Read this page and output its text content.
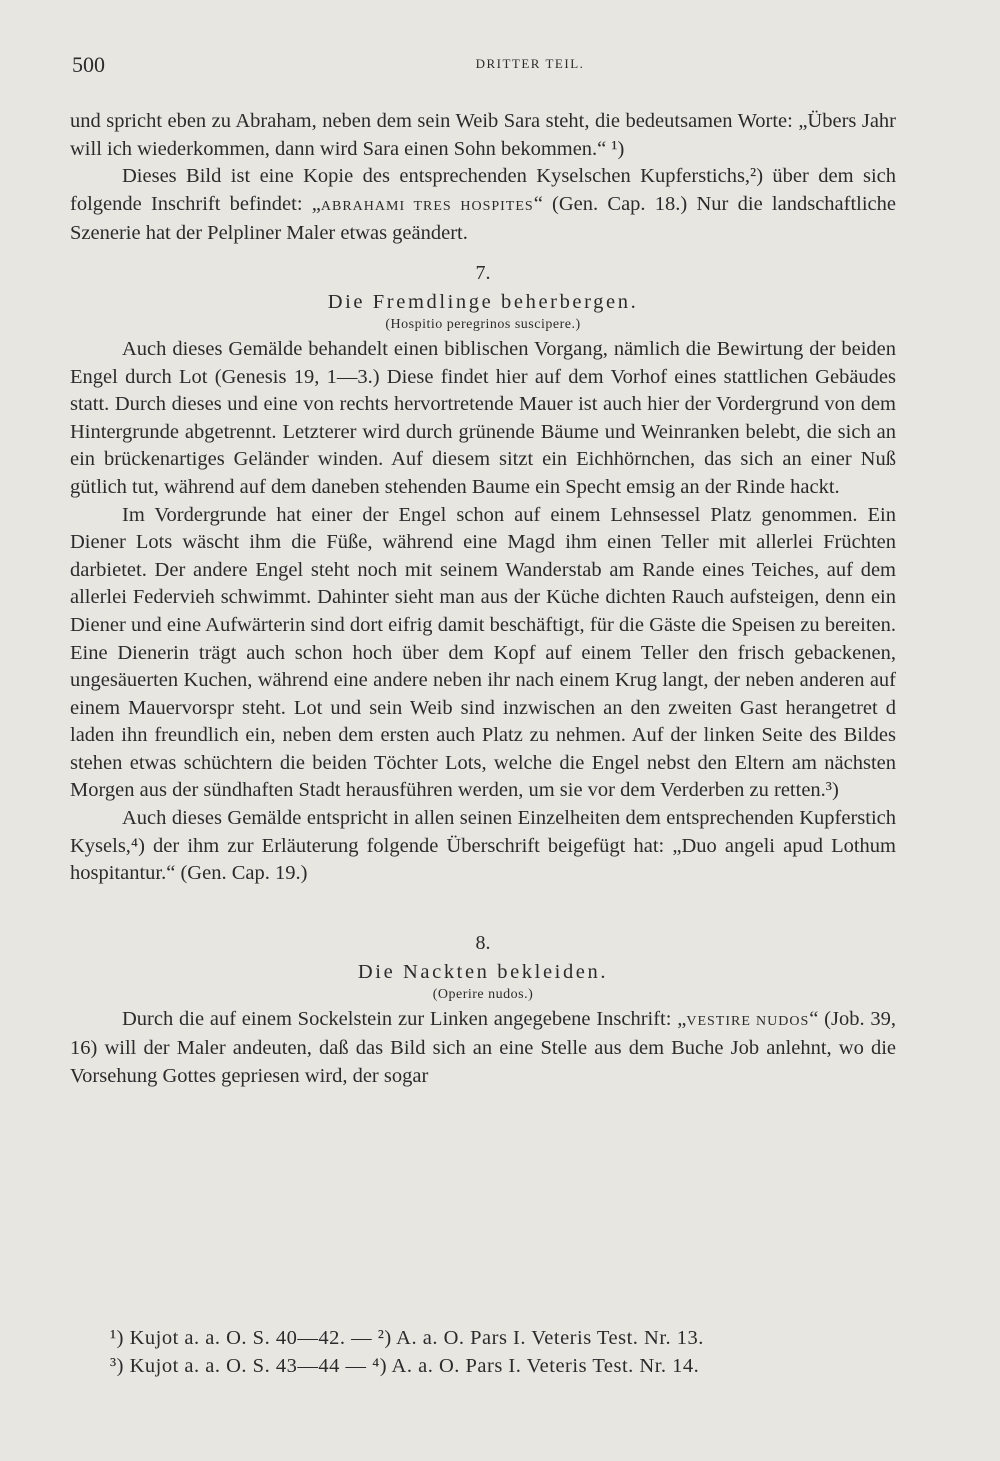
500	DRITTER TEIL.

und spricht eben zu Abraham, neben dem sein Weib Sara steht, die bedeutsamen Worte: „Übers Jahr will ich wiederkommen, dann wird Sara einen Sohn bekommen.“ ¹)

Dieses Bild ist eine Kopie des entsprechenden Kyselschen Kupferstichs,²) über dem sich folgende Inschrift befindet: „ABRAHAMI TRES HOSPITES“ (Gen. Cap. 18.) Nur die landschaftliche Szenerie hat der Pelpliner Maler etwas geändert.

7.
Die Fremdlinge beherbergen.
(Hospitio peregrinos suscipere.)

Auch dieses Gemälde behandelt einen biblischen Vorgang, nämlich die Bewirtung der beiden Engel durch Lot (Genesis 19, 1—3.) Diese findet hier auf dem Vorhof eines stattlichen Gebäudes statt. Durch dieses und eine von rechts hervortretende Mauer ist auch hier der Vordergrund von dem Hintergrunde abgetrennt. Letzterer wird durch grünende Bäume und Weinranken belebt, die sich an ein brückenartiges Geländer winden. Auf diesem sitzt ein Eichhörnchen, das sich an einer Nuß gütlich tut, während auf dem daneben stehenden Baume ein Specht emsig an der Rinde hackt.

Im Vordergrunde hat einer der Engel schon auf einem Lehnsessel Platz genommen. Ein Diener Lots wäscht ihm die Füße, während eine Magd ihm einen Teller mit allerlei Früchten darbietet. Der andere Engel steht noch mit seinem Wanderstab am Rande eines Teiches, auf dem allerlei Federvieh schwimmt. Dahinter sieht man aus der Küche dichten Rauch aufsteigen, denn ein Diener und eine Aufwärterin sind dort eifrig damit beschäftigt, für die Gäste die Speisen zu bereiten. Eine Dienerin trägt auch schon hoch über dem Kopf auf einem Teller den frisch gebackenen, ungesäuerten Kuchen, während eine andere neben ihr nach einem Krug langt, der neben anderen auf einem Mauervorspr steht. Lot und sein Weib sind inzwischen an den zweiten Gast herangetret d laden ihn freundlich ein, neben dem ersten auch Platz zu nehmen. Auf der linken Seite des Bildes stehen etwas schüchtern die beiden Töchter Lots, welche die Engel nebst den Eltern am nächsten Morgen aus der sündhaften Stadt herausführen werden, um sie vor dem Verderben zu retten.³)

Auch dieses Gemälde entspricht in allen seinen Einzelheiten dem entsprechenden Kupferstich Kysels,⁴) der ihm zur Erläuterung folgende Überschrift beigefügt hat: „Duo angeli apud Lothum hospitantur.“ (Gen. Cap. 19.)

8.
Die Nackten bekleiden.
(Operire nudos.)

Durch die auf einem Sockelstein zur Linken angegebene Inschrift: „VESTIRE NUDOS“ (Job. 39, 16) will der Maler andeuten, daß das Bild sich an eine Stelle aus dem Buche Job anlehnt, wo die Vorsehung Gottes gepriesen wird, der sogar

¹) Kujot a. a. O. S. 40—42. — ²) A. a. O. Pars I. Veteris Test. Nr. 13.

³) Kujot a. a. O. S. 43—44 — ⁴) A. a. O. Pars I. Veteris Test. Nr. 14.
